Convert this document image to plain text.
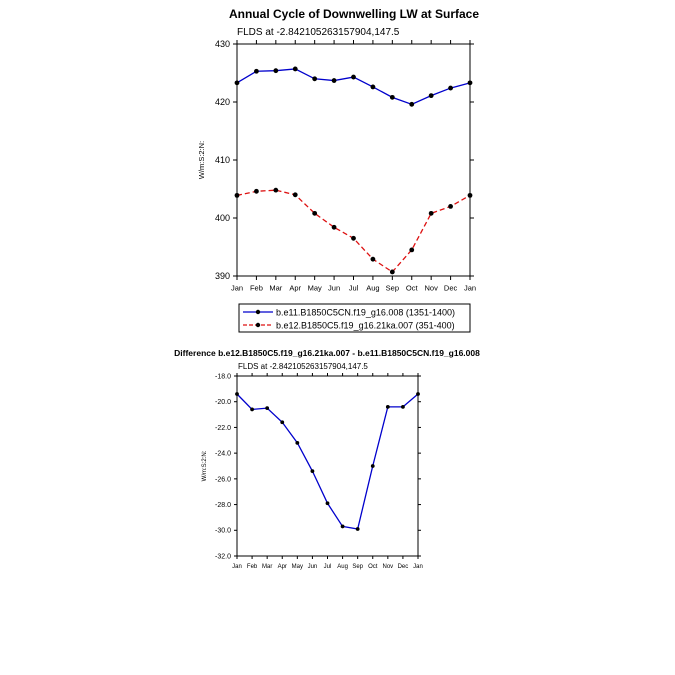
Annual Cycle of Downwelling LW at Surface
FLDS at -2.842105263157904,147.5
W/m:S:2:N:
390
400
410
420
430
Jan Feb Mar Apr May Jun Jul Aug Sep Oct Nov Dec Jan
b.e11.B1850C5CN.f19_g16.008 (1351-1400)
b.e12.B1850C5.f19_g16.21ka.007 (351-400)
Difference b.e12.B1850C5.f19_g16.21ka.007 - b.e11.B1850C5CN.f19_g16.008
FLDS at -2.842105263157904,147.5
W/m:S:2:N:
-32.0
-30.0
-28.0
-26.0
-24.0
-22.0
-20.0
-18.0
Jan Feb Mar Apr May Jun Jul Aug Sep Oct Nov Dec Jan
